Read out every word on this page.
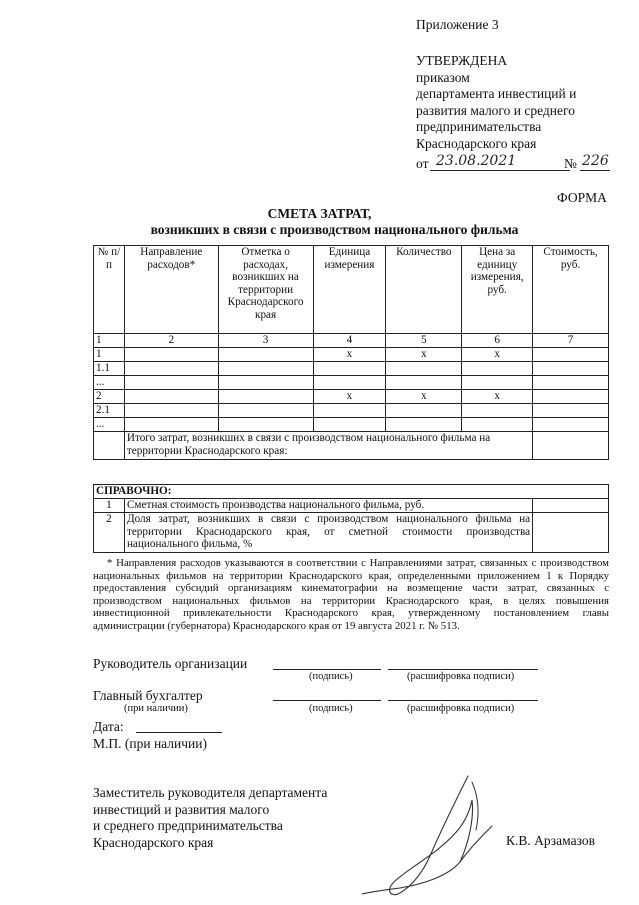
Приложение 3
УТВЕРЖДЕНА
приказом
департамента инвестиций и
развития малого и среднего
предпринимательства
Краснодарского края
от 23.08.2021	№ 226
ФОРМА
СМЕТА ЗАТРАТ,
возникших в связи с производством национального фильма
№ п/п	Направление расходов*	Отметка о расходах, возникших на территории Краснодарского края	Единица измерения	Количество	Цена за единицу измерения, руб.	Стоимость, руб.
1	2	3	4	5	6	7
1			x	x	x	
1.1						
...						
2			x	x	x	
2.1						
...						
	Итого затрат, возникших в связи с производством национального фильма на территории Краснодарского края:					
СПРАВОЧНО:		
1	Сметная стоимость производства национального фильма, руб.	
2	Доля затрат, возникших в связи с производством национального фильма на территории Краснодарского края, от сметной стоимости производства национального фильма, %	
* Направления расходов указываются в соответствии с Направлениями затрат, связанных с производством национальных фильмов на территории Краснодарского края, определенными приложением 1 к Порядку предоставления субсидий организациям кинематографии на возмещение части затрат, связанных с производством национальных фильмов на территории Краснодарского края, в целях повышения инвестиционной привлекательности Краснодарского края, утвержденному постановлением главы администрации (губернатора) Краснодарского края от 19 августа 2021 г. № 513.
Руководитель организации
(подпись)	(расшифровка подписи)
Главный бухгалтер
(при наличии)	(подпись)	(расшифровка подписи)
Дата:
М.П. (при наличии)
Заместитель руководителя департамента
инвестиций и развития малого
и среднего предпринимательства
Краснодарского края	К.В. Арзамазов
